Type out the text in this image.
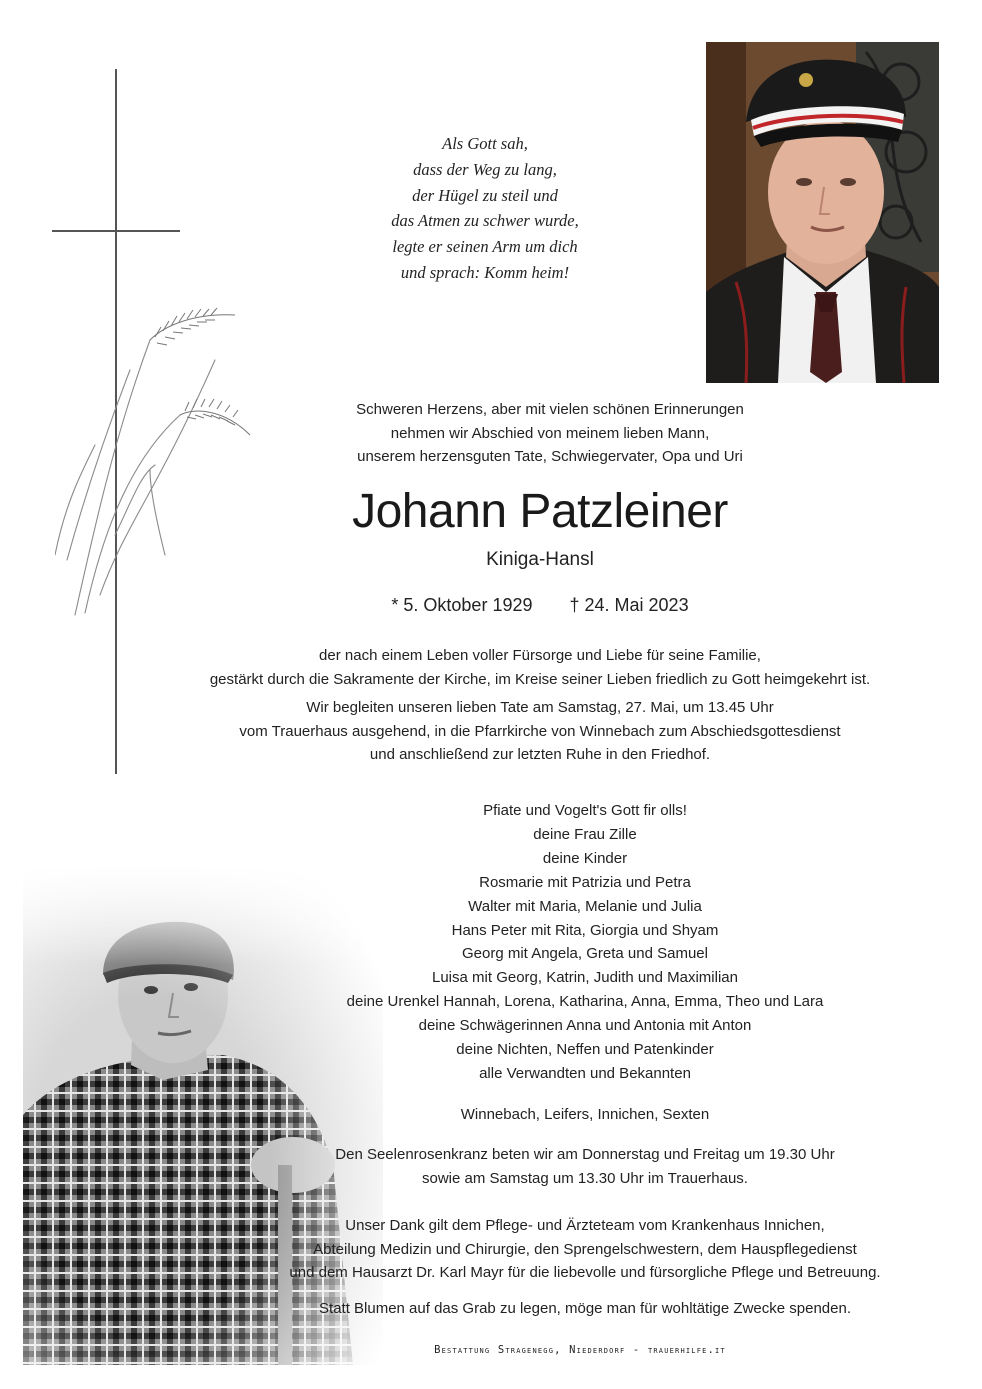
Als Gott sah,
dass der Weg zu lang,
der Hügel zu steil und
das Atmen zu schwer wurde,
legte er seinen Arm um dich
und sprach: Komm heim!
Schweren Herzens, aber mit vielen schönen Erinnerungen
nehmen wir Abschied von meinem lieben Mann,
unserem herzensguten Tate, Schwiegervater, Opa und Uri
Johann Patzleiner
Kiniga-Hansl
* 5. Oktober 1929 † 24. Mai 2023
der nach einem Leben voller Fürsorge und Liebe für seine Familie,
gestärkt durch die Sakramente der Kirche, im Kreise seiner Lieben friedlich zu Gott heimgekehrt ist.
Wir begleiten unseren lieben Tate am Samstag, 27. Mai, um 13.45 Uhr
vom Trauerhaus ausgehend, in die Pfarrkirche von Winnebach zum Abschiedsgottesdienst
und anschließend zur letzten Ruhe in den Friedhof.
Pfiate und Vogelt's Gott fir olls!
deine Frau Zille
deine Kinder
Rosmarie mit Patrizia und Petra
Walter mit Maria, Melanie und Julia
Hans Peter mit Rita, Giorgia und Shyam
Georg mit Angela, Greta und Samuel
Luisa mit Georg, Katrin, Judith und Maximilian
deine Urenkel Hannah, Lorena, Katharina, Anna, Emma, Theo und Lara
deine Schwägerinnen Anna und Antonia mit Anton
deine Nichten, Neffen und Patenkinder
alle Verwandten und Bekannten
Winnebach, Leifers, Innichen, Sexten
Den Seelenrosenkranz beten wir am Donnerstag und Freitag um 19.30 Uhr
sowie am Samstag um 13.30 Uhr im Trauerhaus.
Unser Dank gilt dem Pflege- und Ärzteteam vom Krankenhaus Innichen,
Abteilung Medizin und Chirurgie, den Sprengelschwestern, dem Hauspflegedienst
und dem Hausarzt Dr. Karl Mayr für die liebevolle und fürsorgliche Pflege und Betreuung.
Statt Blumen auf das Grab zu legen, möge man für wohltätige Zwecke spenden.
Bestattung Stragenegg, Niederdorf - trauerhilfe.it
